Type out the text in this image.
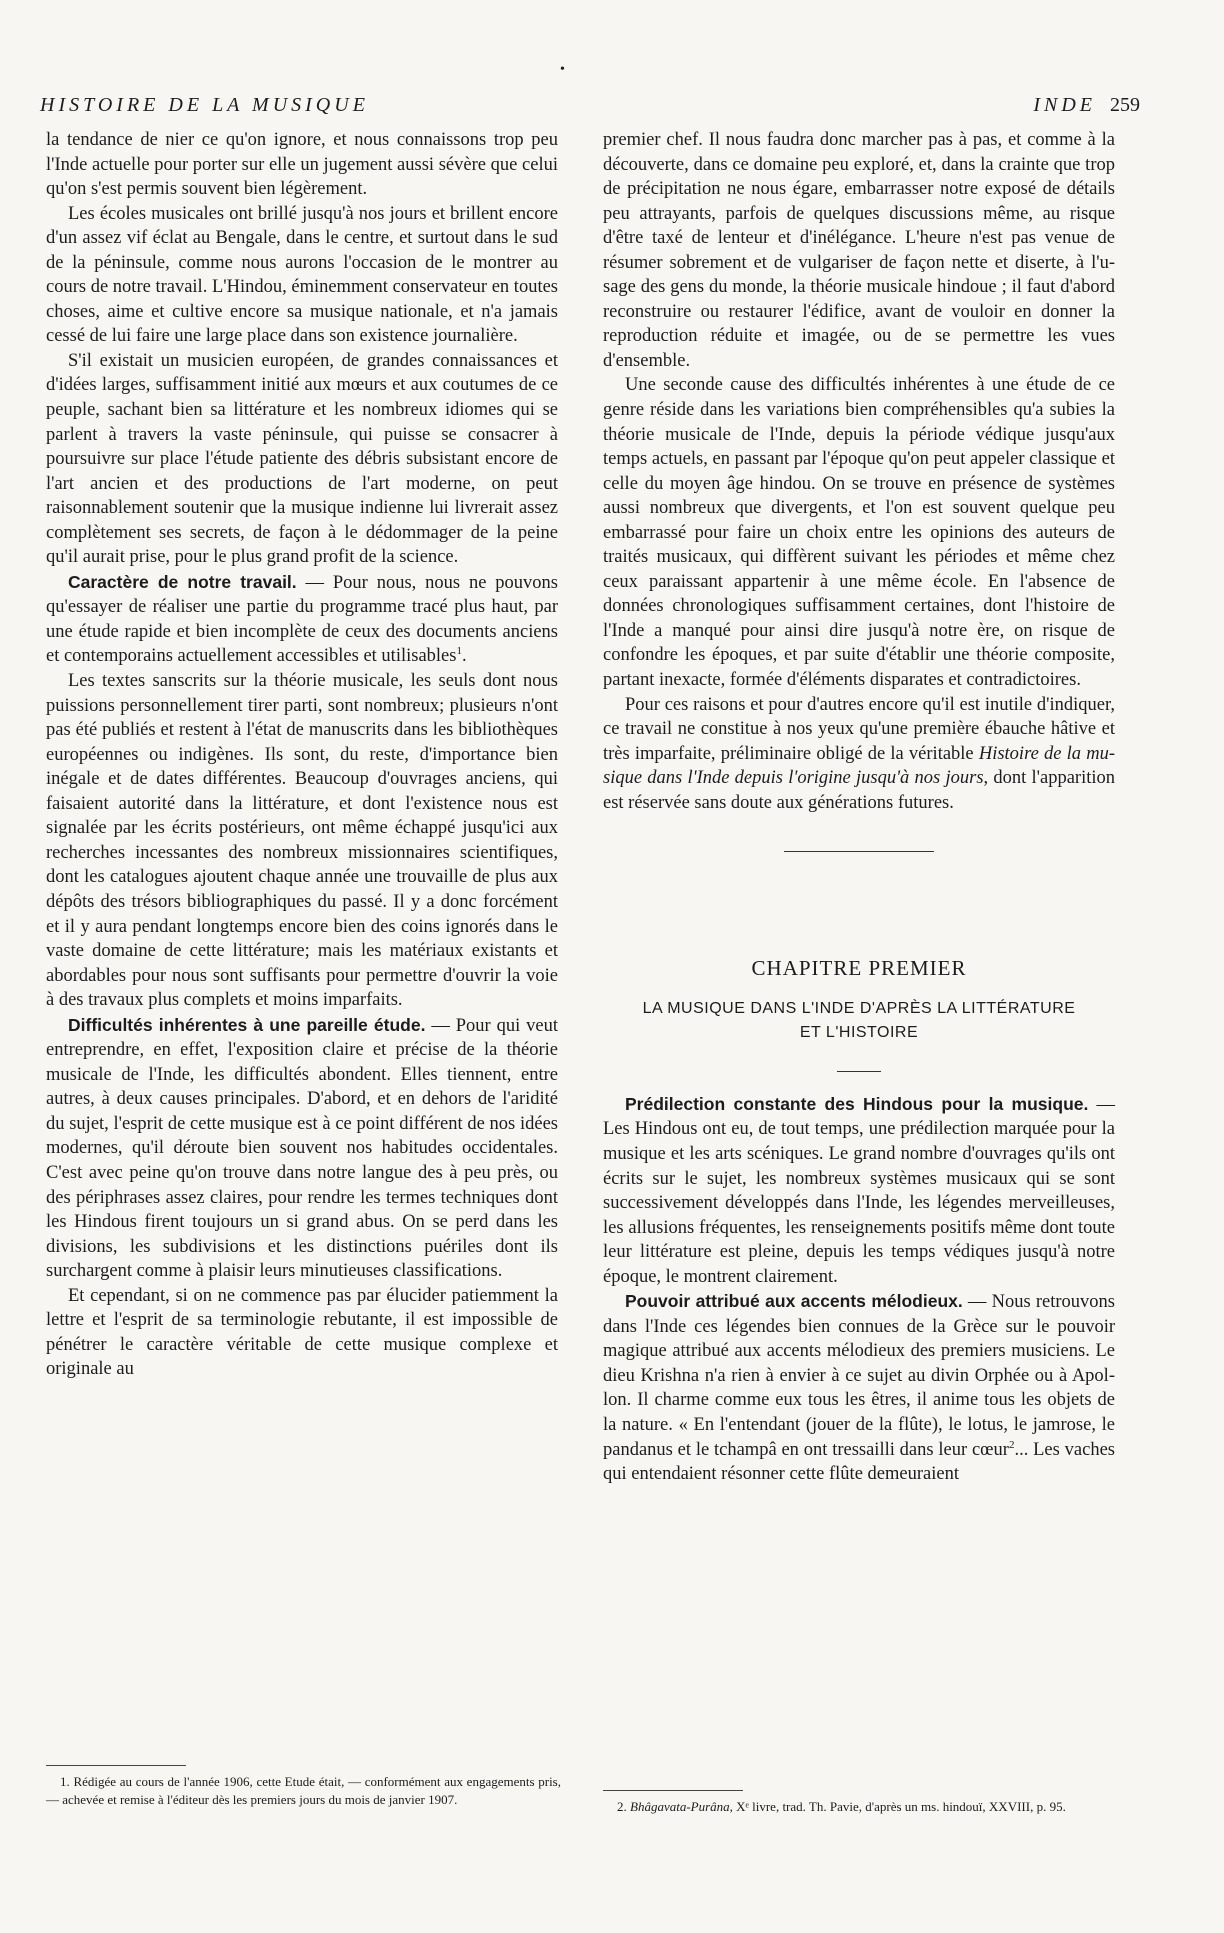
•
HISTOIRE DE LA MUSIQUE	INDE 259

la tendance de nier ce qu'on ignore, et nous connaissons trop peu l'Inde actuelle pour porter sur elle un jugement aussi sévère que celui qu'on s'est permis souvent bien légèrement.

Les écoles musicales ont brillé jusqu'à nos jours et brillent encore d'un assez vif éclat au Bengale, dans le centre, et surtout dans le sud de la péninsule, comme nous aurons l'occasion de le montrer au cours de notre travail. L'Hindou, éminemment conservateur en toutes choses, aime et cultive encore sa musique nationale, et n'a jamais cessé de lui faire une large place dans son existence journalière.

S'il existait un musicien européen, de grandes connaissances et d'idées larges, suffisamment initié aux mœurs et aux coutumes de ce peuple, sachant bien sa littérature et les nombreux idiomes qui se parlent à travers la vaste péninsule, qui puisse se consacrer à poursuivre sur place l'étude patiente des débris subsistant encore de l'art ancien et des productions de l'art moderne, on peut raisonnablement soutenir que la musique indienne lui livrerait assez complètement ses secrets, de façon à le dédommager de la peine qu'il aurait prise, pour le plus grand profit de la science.

Caractère de notre travail. — Pour nous, nous ne pouvons qu'essayer de réaliser une partie du programme tracé plus haut, par une étude rapide et bien incomplète de ceux des documents anciens et contemporains actuellement accessibles et utilisables$^1$.

Les textes sanscrits sur la théorie musicale, les seuls dont nous puissions personnellement tirer parti, sont nombreux; plusieurs n'ont pas été publiés et restent à l'état de manuscrits dans les bibliothèques européennes ou indigènes. Ils sont, du reste, d'importance bien inégale et de dates différentes. Beaucoup d'ouvrages anciens, qui faisaient autorité dans la littérature, et dont l'existence nous est signalée par les écrits postérieurs, ont même échappé jusqu'ici aux recherches incessantes des nombreux missionnaires scientifiques, dont les catalogues ajoutent chaque année une trouvaille de plus aux dépôts des trésors bibliographiques du passé. Il y a donc forcément et il y aura pendant longtemps encore bien des coins ignorés dans le vaste domaine de cette littérature; mais les matériaux existants et abordables pour nous sont suffisants pour permettre d'ouvrir la voie à des travaux plus complets et moins imparfaits.

Difficultés inhérentes à une pareille étude. — Pour qui veut entreprendre, en effet, l'exposition claire et précise de la théorie musicale de l'Inde, les difficultés abondent. Elles tiennent, entre autres, à deux causes principales. D'abord, et en dehors de l'aridité du sujet, l'esprit de cette musique est à ce point différent de nos idées modernes, qu'il déroute bien souvent nos habitudes occidentales. C'est avec peine qu'on trouve dans notre langue des à peu près, ou des périphrases assez claires, pour rendre les termes techniques dont les Hindous firent toujours un si grand abus. On se perd dans les divisions, les subdivisions et les distinctions puériles dont ils surchargent comme à plaisir leurs minutieuses classifications.

Et cependant, si on ne commence pas par élucider patiemment la lettre et l'esprit de sa terminologie rebutante, il est impossible de pénétrer le caractère véritable de cette musique complexe et originale au

premier chef. Il nous faudra donc marcher pas à pas, et comme à la découverte, dans ce domaine peu exploré, et, dans la crainte que trop de précipitation ne nous égare, embarrasser notre exposé de détails peu attrayants, parfois de quelques discussions même, au risque d'être taxé de lenteur et d'inélégance. L'heure n'est pas venue de résumer sobrement et de vulgariser de façon nette et diserte, à l'usage des gens du monde, la théorie musicale hindoue ; il faut d'abord reconstruire ou restaurer l'édifice, avant de vouloir en donner la reproduction réduite et imagée, ou de se permettre les vues d'ensemble.

Une seconde cause des difficultés inhérentes à une étude de ce genre réside dans les variations bien compréhensibles qu'a subies la théorie musicale de l'Inde, depuis la période védique jusqu'aux temps actuels, en passant par l'époque qu'on peut appeler classique et celle du moyen âge hindou. On se trouve en présence de systèmes aussi nombreux que divergents, et l'on est souvent quelque peu embarrassé pour faire un choix entre les opinions des auteurs de traités musicaux, qui diffèrent suivant les périodes et même chez ceux paraissant appartenir à une même école. En l'absence de données chronologiques suffisamment certaines, dont l'histoire de l'Inde a manqué pour ainsi dire jusqu'à notre ère, on risque de confondre les époques, et par suite d'établir une théorie composite, partant inexacte, formée d'éléments disparates et contradictoires.

Pour ces raisons et pour d'autres encore qu'il est inutile d'indiquer, ce travail ne constitue à nos yeux qu'une première ébauche hâtive et très imparfaite, préliminaire obligé de la véritable Histoire de la musique dans l'Inde depuis l'origine jusqu'à nos jours, dont l'apparition est réservée sans doute aux générations futures.

CHAPITRE PREMIER
LA MUSIQUE DANS L'INDE D'APRÈS LA LITTÉRATURE
ET L'HISTOIRE

Prédilection constante des Hindous pour la musique. — Les Hindous ont eu, de tout temps, une prédilection marquée pour la musique et les arts scéniques. Le grand nombre d'ouvrages qu'ils ont écrits sur le sujet, les nombreux systèmes musicaux qui se sont successivement développés dans l'Inde, les légendes merveilleuses, les allusions fréquentes, les renseignements positifs même dont toute leur littérature est pleine, depuis les temps védiques jusqu'à notre époque, le montrent clairement.

Pouvoir attribué aux accents mélodieux. — Nous retrouvons dans l'Inde ces légendes bien connues de la Grèce sur le pouvoir magique attribué aux accents mélodieux des premiers musiciens. Le dieu Krishna n'a rien à envier à ce sujet au divin Orphée ou à Apollon. Il charme comme eux tous les êtres, il anime tous les objets de la nature. « En l'entendant (jouer de la flûte), le lotus, le jamrose, le pandanus et le tchampâ en ont tressailli dans leur cœur$^2$... Les vaches qui entendaient résonner cette flûte demeuraient

1. Rédigée au cours de l'année 1906, cette Etude était, — conformément aux engagements pris, — achevée et remise à l'éditeur dès les premiers jours du mois de janvier 1907.	2. Bhâgavata-Purâna, Xᵉ livre, trad. Th. Pavie, d'après un ms. hindouï, XXVIII, p. 95.
